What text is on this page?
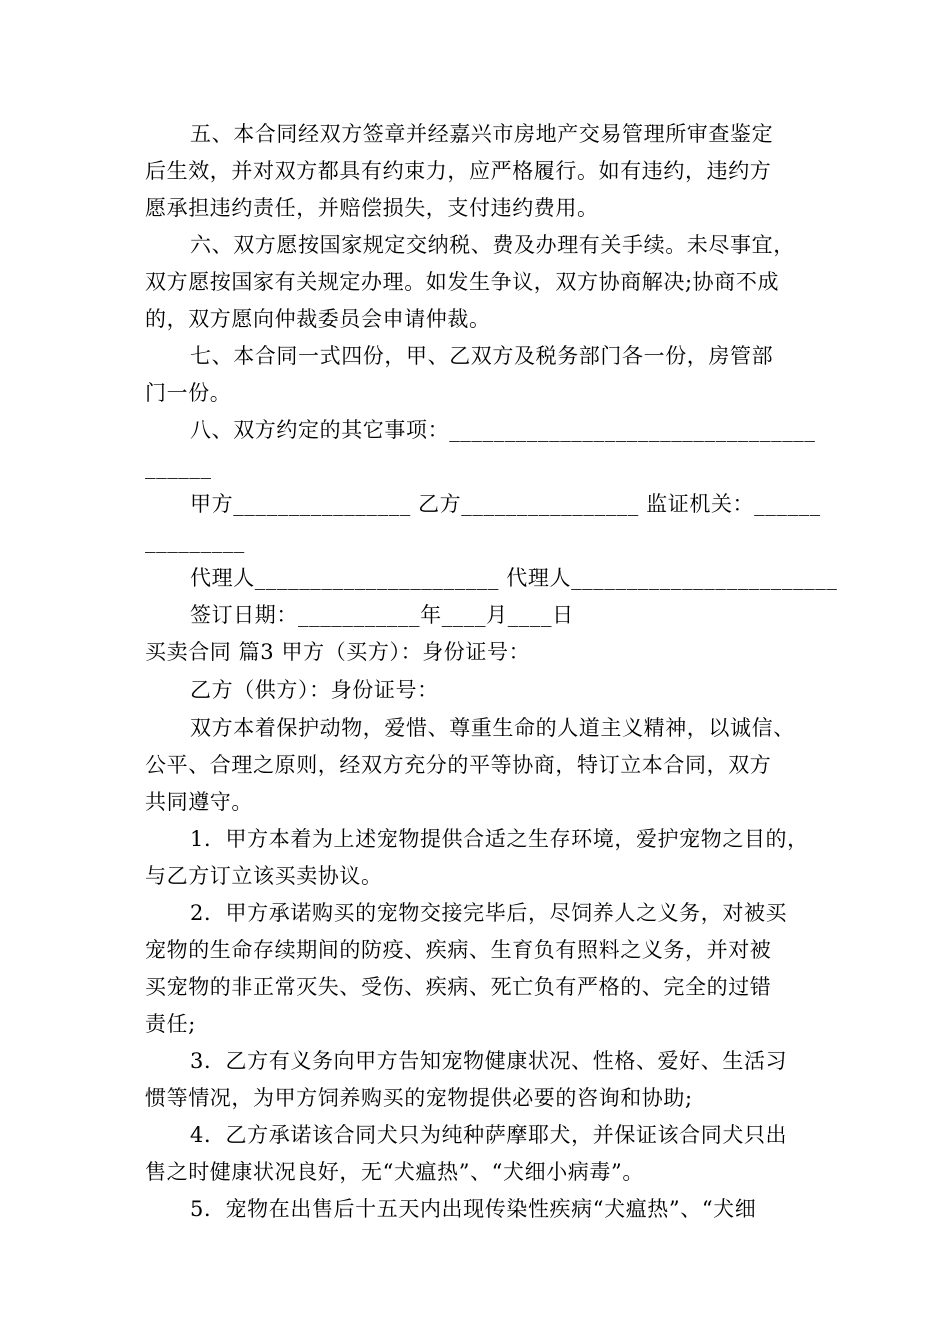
五、本合同经双方签章并经嘉兴市房地产交易管理所审查鉴定
后生效，并对双方都具有约束力，应严格履行。如有违约，违约方
愿承担违约责任，并赔偿损失，支付违约费用。
六、双方愿按国家规定交纳税、费及办理有关手续。未尽事宜，
双方愿按国家有关规定办理。如发生争议，双方协商解决;协商不成
的，双方愿向仲裁委员会申请仲裁。
七、本合同一式四份，甲、乙双方及税务部门各一份，房管部
门一份。
八、双方约定的其它事项：_________________________________
______
甲方________________ 乙方________________ 监证机关：______
_________
代理人______________________ 代理人________________________
签订日期：___________年____月____日
买卖合同 篇3 甲方（买方）：身份证号：
乙方（供方）：身份证号：
双方本着保护动物，爱惜、尊重生命的人道主义精神，以诚信、
公平、合理之原则，经双方充分的平等协商，特订立本合同，双方
共同遵守。
1．甲方本着为上述宠物提供合适之生存环境，爱护宠物之目的，
与乙方订立该买卖协议。
2．甲方承诺购买的宠物交接完毕后，尽饲养人之义务，对被买
宠物的生命存续期间的防疫、疾病、生育负有照料之义务，并对被
买宠物的非正常灭失、受伤、疾病、死亡负有严格的、完全的过错
责任;
3．乙方有义务向甲方告知宠物健康状况、性格、爱好、生活习
惯等情况，为甲方饲养购买的宠物提供必要的咨询和协助;
4．乙方承诺该合同犬只为纯种萨摩耶犬，并保证该合同犬只出
售之时健康状况良好，无“犬瘟热”、“犬细小病毒”。
5．宠物在出售后十五天内出现传染性疾病“犬瘟热”、“犬细
